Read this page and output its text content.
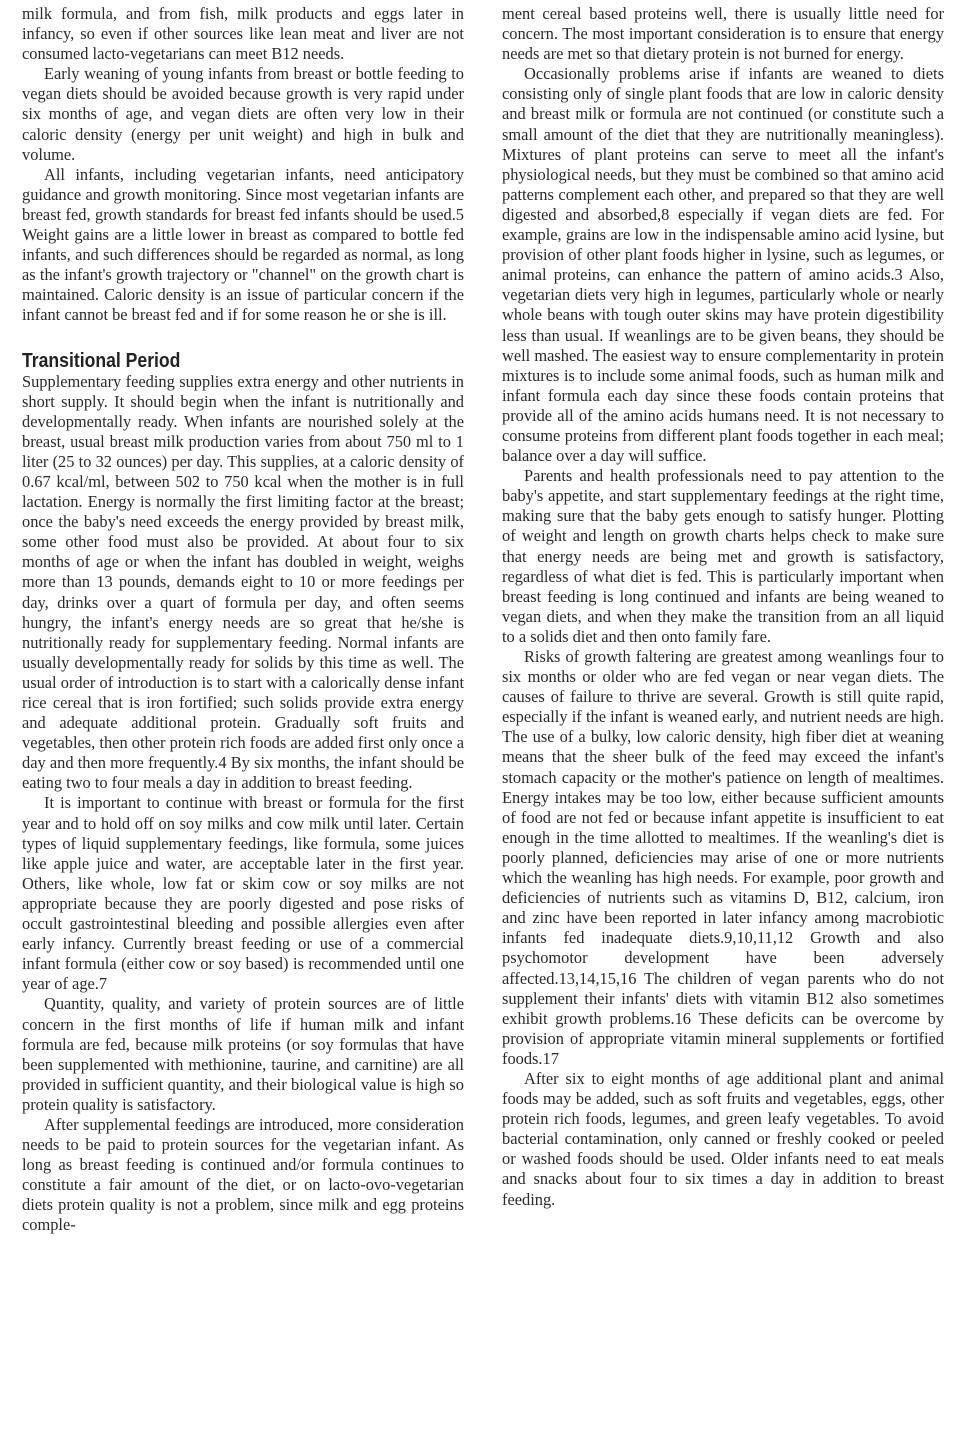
milk formula, and from fish, milk products and eggs later in infancy, so even if other sources like lean meat and liver are not consumed lacto-vegetarians can meet B12 needs.

Early weaning of young infants from breast or bottle feeding to vegan diets should be avoided because growth is very rapid under six months of age, and vegan diets are often very low in their caloric density (energy per unit weight) and high in bulk and volume.

All infants, including vegetarian infants, need anticipatory guidance and growth monitoring. Since most vegetarian infants are breast fed, growth standards for breast fed infants should be used.5 Weight gains are a little lower in breast as compared to bottle fed infants, and such differences should be regarded as normal, as long as the infant's growth trajectory or "channel" on the growth chart is maintained. Caloric density is an issue of particular concern if the infant cannot be breast fed and if for some reason he or she is ill.

Transitional Period

Supplementary feeding supplies extra energy and other nutrients in short supply. It should begin when the infant is nutritionally and developmentally ready. When infants are nourished solely at the breast, usual breast milk production varies from about 750 ml to 1 liter (25 to 32 ounces) per day. This supplies, at a caloric density of 0.67 kcal/ml, between 502 to 750 kcal when the mother is in full lactation. Energy is normally the first limiting factor at the breast; once the baby's need exceeds the energy provided by breast milk, some other food must also be provided. At about four to six months of age or when the infant has doubled in weight, weighs more than 13 pounds, demands eight to 10 or more feedings per day, drinks over a quart of formula per day, and often seems hungry, the infant's energy needs are so great that he/she is nutritionally ready for supplementary feeding. Normal infants are usually developmentally ready for solids by this time as well. The usual order of introduction is to start with a calorically dense infant rice cereal that is iron fortified; such solids provide extra energy and adequate additional protein. Gradually soft fruits and vegetables, then other protein rich foods are added first only once a day and then more frequently.4 By six months, the infant should be eating two to four meals a day in addition to breast feeding.

It is important to continue with breast or formula for the first year and to hold off on soy milks and cow milk until later. Certain types of liquid supplementary feedings, like formula, some juices like apple juice and water, are acceptable later in the first year. Others, like whole, low fat or skim cow or soy milks are not appropriate because they are poorly digested and pose risks of occult gastrointestinal bleeding and possible allergies even after early infancy. Currently breast feeding or use of a commercial infant formula (either cow or soy based) is recommended until one year of age.7

Quantity, quality, and variety of protein sources are of little concern in the first months of life if human milk and infant formula are fed, because milk proteins (or soy formulas that have been supplemented with methionine, taurine, and carnitine) are all provided in sufficient quantity, and their biological value is high so protein quality is satisfactory.

After supplemental feedings are introduced, more consideration needs to be paid to protein sources for the vegetarian infant. As long as breast feeding is continued and/or formula continues to constitute a fair amount of the diet, or on lacto-ovo-vegetarian diets protein quality is not a problem, since milk and egg proteins comple-

ment cereal based proteins well, there is usually little need for concern. The most important consideration is to ensure that energy needs are met so that dietary protein is not burned for energy.

Occasionally problems arise if infants are weaned to diets consisting only of single plant foods that are low in caloric density and breast milk or formula are not continued (or constitute such a small amount of the diet that they are nutritionally meaningless). Mixtures of plant proteins can serve to meet all the infant's physiological needs, but they must be combined so that amino acid patterns complement each other, and prepared so that they are well digested and absorbed,8 especially if vegan diets are fed. For example, grains are low in the indispensable amino acid lysine, but provision of other plant foods higher in lysine, such as legumes, or animal proteins, can enhance the pattern of amino acids.3 Also, vegetarian diets very high in legumes, particularly whole or nearly whole beans with tough outer skins may have protein digestibility less than usual. If weanlings are to be given beans, they should be well mashed. The easiest way to ensure complementarity in protein mixtures is to include some animal foods, such as human milk and infant formula each day since these foods contain proteins that provide all of the amino acids humans need. It is not necessary to consume proteins from different plant foods together in each meal; balance over a day will suffice.

Parents and health professionals need to pay attention to the baby's appetite, and start supplementary feedings at the right time, making sure that the baby gets enough to satisfy hunger. Plotting of weight and length on growth charts helps check to make sure that energy needs are being met and growth is satisfactory, regardless of what diet is fed. This is particularly important when breast feeding is long continued and infants are being weaned to vegan diets, and when they make the transition from an all liquid to a solids diet and then onto family fare.

Risks of growth faltering are greatest among weanlings four to six months or older who are fed vegan or near vegan diets. The causes of failure to thrive are several. Growth is still quite rapid, especially if the infant is weaned early, and nutrient needs are high. The use of a bulky, low caloric density, high fiber diet at weaning means that the sheer bulk of the feed may exceed the infant's stomach capacity or the mother's patience on length of mealtimes. Energy intakes may be too low, either because sufficient amounts of food are not fed or because infant appetite is insufficient to eat enough in the time allotted to mealtimes. If the weanling's diet is poorly planned, deficiencies may arise of one or more nutrients which the weanling has high needs. For example, poor growth and deficiencies of nutrients such as vitamins D, B12, calcium, iron and zinc have been reported in later infancy among macrobiotic infants fed inadequate diets.9,10,11,12 Growth and also psychomotor development have been adversely affected.13,14,15,16 The children of vegan parents who do not supplement their infants' diets with vitamin B12 also sometimes exhibit growth problems.16 These deficits can be overcome by provision of appropriate vitamin mineral supplements or fortified foods.17

After six to eight months of age additional plant and animal foods may be added, such as soft fruits and vegetables, eggs, other protein rich foods, legumes, and green leafy vegetables. To avoid bacterial contamination, only canned or freshly cooked or peeled or washed foods should be used. Older infants need to eat meals and snacks about four to six times a day in addition to breast feeding.
